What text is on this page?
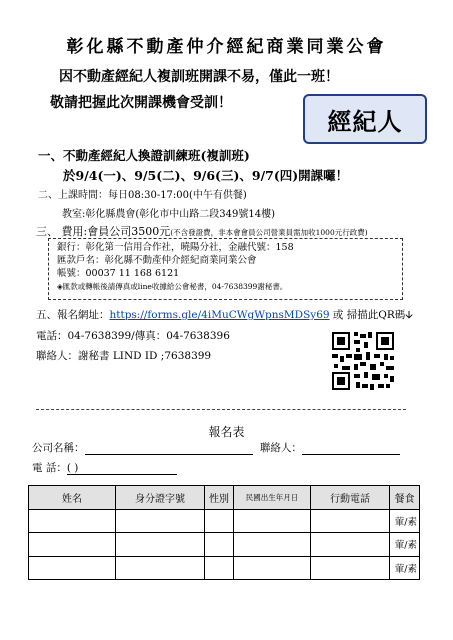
彰化縣不動產仲介經紀商業同業公會
因不動產經紀人複訓班開課不易，僅此一班！
敬請把握此次開課機會受訓！
經紀人
一、不動產經紀人換證訓練班(複訓班)
於9/4(一)、9/5(二)、9/6(三)、9/7(四)開課囉！
二、上課時間：每日08:30-17:00(中午有供餐)
教室:彰化縣農會(彰化市中山路二段349號14樓)
三、 費用:會員公司3500元(不含發證費，非本會會員公司營業員需加收1000元行政費)
銀行：彰化第一信用合作社，曉陽分社，金融代號：158
匯款戶名：彰化縣不動產仲介經紀商業同業公會
帳號：00037 11 168 6121
◈匯款或轉帳後請傳真或line收據給公會秘書，04-7638399謝秘書。
五、報名網址：https://forms.gle/4iMuCWgWpnsMDSy69 或 掃描此QR碼🡫
電話：04-7638399/傳真：04-7638396
聯絡人：謝秘書 LIND ID ;7638399
報名表
公司名稱：	聯絡人：
電 話：( )
姓名	身分證字號	性別	民國出生年月日	行動電話	餐食
					葷/素
					葷/素
					葷/素
